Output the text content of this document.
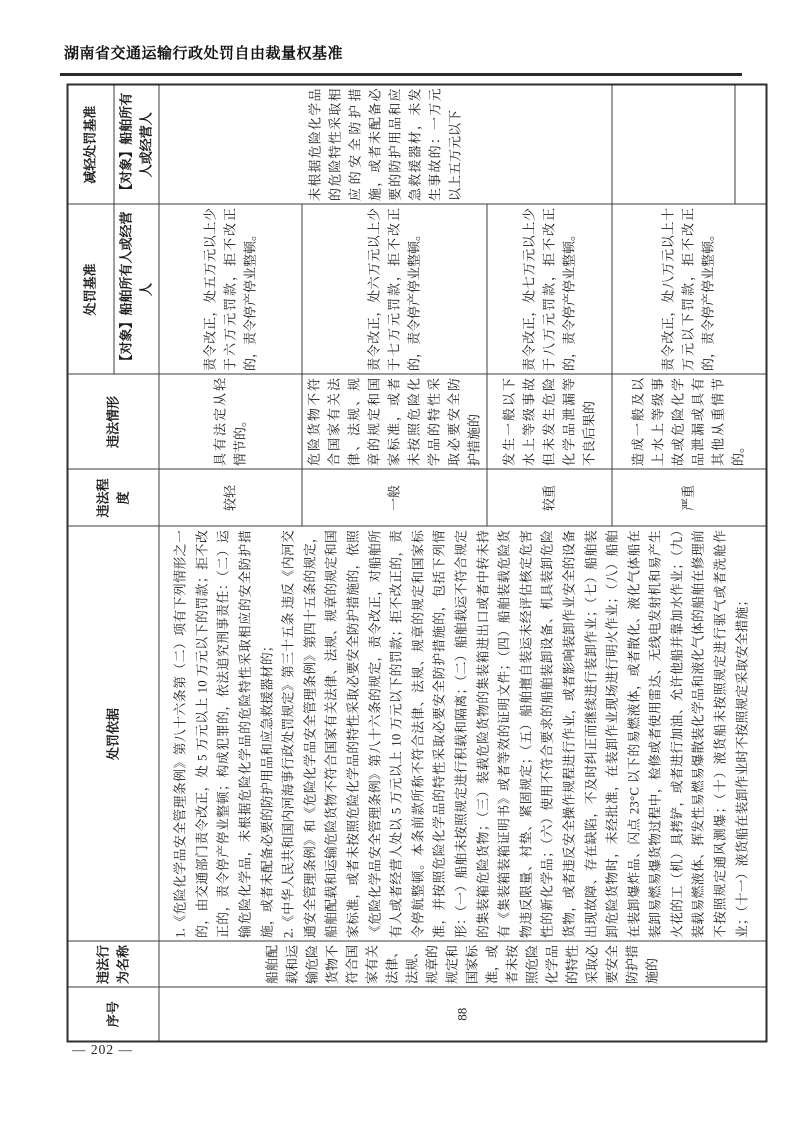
湖南省交通运输行政处罚自由裁量权基准
序号	违法行为名称	处罚依据	违法程度	违法情形	处罚基准	减轻处罚基准
					【对象】船舶所有人或经营人	【对象】船舶所有人或经营人
88	船舶配载和运输危险货物不符合国家有关法律、法规、规章的规定和国家标准，或者未按照危险化学品的特性采取必要安全防护措施的	1.《危险化学品安全管理条例》第八十六条第（二）项有下列情形之一的，由交通部门责令改正，处 5 万元以上 10 万元以下的罚款；拒不改正的，责令停产停业整顿；构成犯罪的，依法追究刑事责任：（二）运输危险化学品，未根据危险化学品的危险特性采取相应的安全防护措施，或者未配备必要的防护用品和应急救援器材的； 2.《中华人民共和国内河海事行政处罚规定》第三十五条 违反《内河交通安全管理条例》和《危险化学品安全管理条例》第四十五条的规定，船舶配载和运输危险货物不符合国家有关法律、法规、规章的规定和国家标准，或者未按照危险化学品的特性采取必要安全防护措施的，依照《危险化学品安全管理条例》第八十六条的规定，责令改正，对船舶所有人或者经营人处以 5 万元以上 10 万元以下的罚款；拒不改正的，责令停航整顿。本条前款所称不符合法律、法规、规章的规定和国家标准，并按照危险化学品的特性采取必要安全防护措施的，包括下列情形：（一）船舶未按照规定进行积载和隔离；（二）船舶载运不符合规定的集装箱危险货物；（三）装载危险货物的集装箱进出口或者中转未持有《集装箱装箱证明书》或者等效的证明文件；（四）船舶装载危险货物违反限量、衬垫、紧固规定；（五）船舶擅自装运未经评估核定危害性的新化学品；（六）使用不符合要求的船舶装卸设备、机具装卸危险货物，或者违反安全操作规程进行作业，或者影响装卸作业安全的设备出现故障、存在缺陷，不及时纠正而继续进行装卸作业；（七）船舶装卸危险货物时，未经批准，在装卸作业现场进行明火作业；（八）船舶在装卸爆炸品、闪点 23°C 以下的易燃液体，或者散化、液化气体船在装卸易燃易爆货物过程中，检修或者使用雷达、无线电发射机和易产生火花的工（机）具拷铲，或者进行加油、允许他船并靠加水作业；（九）装载易燃液体、挥发性易燃易爆散装化学品和液化气体的船舶在修理前不按照规定通风测爆；（十）液货船未按照规定进行驱气或者洗舱作业；（十一）液货船在装卸作业时不按照规定采取安全措施；	较轻	具有法定从轻情节的。	责令改正，处五万元以上少于六万元罚款，拒不改正的，责令停产停业整顿。	未根据危险化学品的危险特性采取相应的安全防护措施，或者未配备必要的防护用品和应急救援器材，未发生事故的：一万元以上五万元以下
			一般	危险货物不符合国家有关法律、法规、规章的规定和国家标准，或者未按照危险化学品的特性采取必要安全防护措施的	责令改正，处六万元以上少于七万元罚款，拒不改正的，责令停产停业整顿。	
			较重	发生一般以下水上等级事故但未发生危险化学品泄漏等不良后果的	责令改正，处七万元以上少于八万元罚款，拒不改正的，责令停产停业整顿。	
			严重	造成一般及以上水上等级事故或危险化学品泄漏或具有其他从重情节的。	责令改正，处八万元以上十万元以下罚款，拒不改正的，责令停产停业整顿。	
— 202 —
